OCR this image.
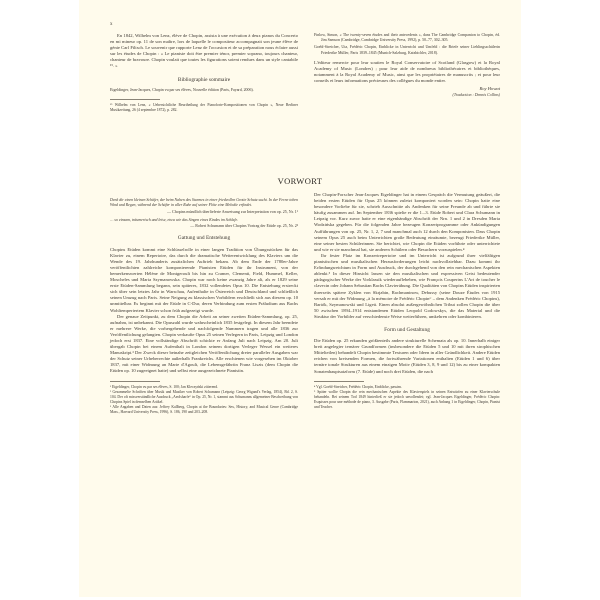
x

En 1842, Wilhelm von Lenz, élève de Chopin, assista à une exécution à deux pianos du Concerto en mi mineur op. 11 de son maître, lors de laquelle le compositeur accompagnait son jeune élève de génie Carl Filtsch. Le souvenir que rapporte Lenz de l'occasion et de sa préparation nous éclaire aussi sur les études de Chopin : « Le pianiste doit être premier ténor, premier soprano, toujours chanteur, chanteur de bravoure. Chopin voulait que toutes les figurations soient rendues dans un style cantabile ¹⁵. »

Bibliographie sommaire

Eigeldinger, Jean-Jacques, Chopin vu par ses élèves, Nouvelle édition (Paris, Fayard, 2006).

¹⁵ Wilhelm von Lenz, « Uebersichtliche Beurtheilung der Pianoforte-Kompositionen von Chopin », Neue Berliner Musikzeitung, 26 (4 septembre 1872), p. 282.

Finlow, Simon, « The twenty-seven études and their antecedents », dans The Cambridge Companion to Chopin, éd. Jim Samson (Cambridge, Cambridge University Press, 1992), p. 50–77, 302–305.

Goebl-Streicher, Uta, Frédéric Chopin, Einblicke in Unterricht und Umfeld : die Briefe seiner Lieblingsschülerin Friederike Müller, Paris 1839–1845 (Munich-Salzburg, Katzbichler, 2018).

L'éditeur remercie pour leur soutien le Royal Conservatoire of Scotland (Glasgow) et la Royal Academy of Music (Londres) ; pour leur aide de nombreux bibliothécaires et bibliothèques, notamment à la Royal Academy of Music, ainsi que les propriétaires de manuscrits ; et pour leur conseils et leurs informations précieuses des collègues du monde entier.

Roy Howat

(Traduction : Dennis Collins)

VORWORT

Denk dir einen kleinen Schäfer, der beim Nahen des Sturmes in einer friedvollen Grotte Schutz sucht. In der Ferne toben Wind und Regen, während der Schäfer in aller Ruhe auf seiner Flöte eine Melodie erfindet.

— Chopins mündlich überlieferte Anweisung zur Interpretation von op. 25, Nr. 1¹

… so einsam, träumerisch und leise, etwa wie das Singen eines Kindes im Schlafe.

— Robert Schumann über Chopins Vortrag der Etüde op. 25, Nr. 2²

Gattung und Entstehung

Chopins Etüden kommt eine Schlüsselrolle in einer langen Tradition von Übungsstücken für das Klavier zu, einem Repertoire, das durch die dramatische Weiterentwicklung des Klaviers um die Wende des 19. Jahrhunderts zusätzlichen Auftrieb bekam. Ab dem Ende der 1780er-Jahre veröffentlichten zahlreiche komponierende Pianisten Etüden für ihr Instrument, von der bemerkenswerten Hélène de Montgeroult bis hin zu Cramer, Clementi, Field, Hummel, Keller, Moscheles und Maria Szymanowska. Chopin war noch keine zwanzig Jahre alt, als er 1829 seine erste Etüden-Sammlung begann, sein späteres, 1832 vollendetes Opus 10. Die Entstehung erstreckt sich über sein letztes Jahr in Warschau, Aufenthalte in Österreich und Deutschland und schließlich seinen Umzug nach Paris. Seine Neigung zu klassischen Vorbildern erschließt sich aus diesem op. 10 unmittelbar. Es beginnt mit der Etüde in C-Dur, deren Verbindung zum ersten Präludium aus Bachs Wohltemperiertem Klavier schon früh aufgezeigt wurde.

Der genaue Zeitpunkt, zu dem Chopin die Arbeit an seiner zweiten Etüden-Sammlung, op. 25, aufnahm, ist unbekannt. Die Opuszahl wurde wahrscheinlich 1835 festgelegt. In diesem Jahr beendete er mehrere Werke, die vorhergehende und nachfolgende Nummern tragen und alle 1836 zur Veröffentlichung gelangten. Chopin verkaufte Opus 25 seinen Verlegern in Paris, Leipzig und London jedoch erst 1837. Eine vollständige Abschrift schickte er Anfang Juli nach Leipzig. Am 20. Juli übergab Chopin bei einem Aufenthalt in London seinem dortigen Verleger Wessel ein weiteres Manuskript.³ Der Zweck dieser beinahe zeitgleichen Veröffentlichung dreier paralleler Ausgaben war der Schutz seiner Urheberrechte außerhalb Frankreichs. Alle erschienen wie vorgesehen im Oktober 1837, mit einer Widmung an Marie d'Agoult, die Lebensgefährtin Franz Liszts (dem Chopin die Etüden op. 10 zugeeignet hatte) und selbst eine ausgezeichnete Pianistin.

¹ Eigeldinger, Chopin vu par ses élèves, S. 100; Jan Kleczyński zitierend.

² Gesammelte Schriften über Musik und Musiker von Robert Schumann (Leipzig: Georg Wigand's Verlag, 1854), Bd. 2, S. 104. Der oft missverständliche Ausdruck „Aeolsharfe“ in Op. 25, Nr. 1, stammt aus Schumanns allgemeiner Beschreibung von Chopins Spiel in demselben Artikel.

³ Alle Angaben und Daten aus: Jeffrey Kallberg, Chopin at the Boundaries: Sex, History, and Musical Genre (Cambridge Mass., Harvard University Press, 1996), S. 186, 190 und 203–208.

Der Chopin-Forscher Jean-Jacques Eigeldinger hat in einem Gespräch die Vermutung geäußert, die beiden ersten Etüden für Opus 25 können zuletzt komponiert worden sein: Chopin hatte eine besondere Vorliebe für sie, schrieb Ausschnitte als Andenken für seine Freunde ab und führte sie häufig zusammen auf. Im September 1836 spielte er die 1.–3. Etüde Robert und Clara Schumann in Leipzig vor. Kurz zuvor hatte er eine eigenhändige Abschrift der Nrn. 1 und 2 in Dresden Maria Wodzińska gegeben. Für die folgenden Jahre bezeugen Konzertprogramme oder Ankündigungen Aufführungen von op. 25, Nr. 1, 2, 7 und manchmal auch 12 durch den Komponisten. Dass Chopin seinem Opus 25 auch beim Unterrichten große Bedeutung einräumte, bezeugt Friederike Müller, eine seiner besten Schülerinnen. Sie berichtet, wie Chopin die Etüden vorführte oder unterrichtete und wie er sie manchmal bat, sie anderen Schülern oder Besuchern vorzuspielen.⁴

Ihr fester Platz im Konzertrepertoire und im Unterricht ist aufgrund ihrer vielfältigen pianistischen und musikalischen Herausforderungen leicht nachvollziehbar. Dazu kommt ihr Erfindungsreichtum in Form und Ausdruck, der durchgehend von den rein mechanischen Aspekten ablenkt.⁵ In dieser Hinsicht lassen sie den musikalischen und expressiven Geist bedeutender pädagogischer Werke der Vorklassik wiederauflebeben, wie François Couperins L'Art de toucher le clavecin oder Johann Sebastian Bachs Clavierübung. Die Qualitäten von Chopins Etüden inspirierten ihrerseits spätere Zyklen von Skrjabin, Rachmaninow, Debussy (seine Douze Études von 1915 versah er mit der Widmung „à la mémoire de Frédéric Chopin“ – dem Andenken Frédéric Chopins), Bartók, Szymanowski und Ligeti. Einen absolut außergewöhnlichen Tribut zollen Chopin die über 50 zwischen 1894–1914 entstandenen Etüden Leopold Godowskys, die das Material und die Struktur der Vorbilder auf verschiedenste Weise weiterführen, umkehren oder kombinieren.

Form und Gestaltung

Die Etüden op. 25 erkunden größtenteils andere strukturelle Schemata als op. 10. Innerhalb einiger breit angelegter ternärer Grundformen (insbesondere die Etüden 5 und 10 mit ihren strophischen Mittelteilen) behandelt Chopin bestimmte Texturen oder Ideen in aller Gründlichkeit. Andere Etüden reichen von kreisenden Formen, die fortwährende Variationen enthalten (Etüden 1 und 6) über ternäre tonale Strukturen aus einem einzigen Motiv (Etüden 3, 8, 9 und 12) bis zu einer kompakten Sonatenhauptsatzform (7. Etüde) und noch drei Etüden, die nach

⁴ Vgl. Goebl-Streicher, Frédéric Chopin, Einblicke, passim.

⁵ Später wollte Chopin die rein mechanischen Aspekte des Klavierspiels in seinen Entwürfen zu einer Klavierschule behandeln. Bei seinem Tod 1849 hinterließ er sie jedoch unvollendet; vgl. Jean-Jacques Eigeldinger, Frédéric Chopin: Esquisses pour une méthode de piano, 3. Ausgabe (Paris, Flammarion, 2021), auch Anhang 1 in Eigeldinger, Chopin, Pianist und Teacher.
